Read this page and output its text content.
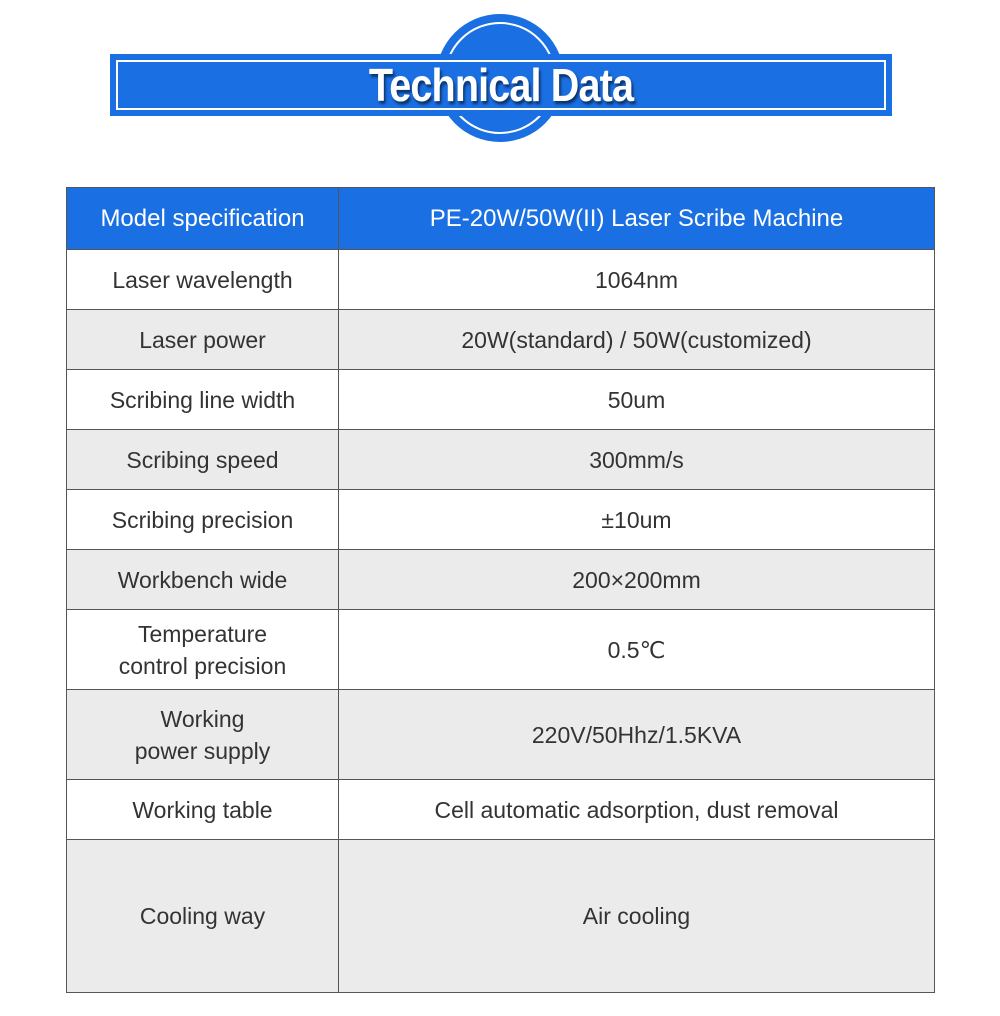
Technical Data
Model specification	PE-20W/50W(II) Laser Scribe Machine
Laser wavelength	1064nm
Laser power	20W(standard) / 50W(customized)
Scribing line width	50um
Scribing speed	300mm/s
Scribing precision	±10um
Workbench wide	200×200mm

Temperature
control precision	0.5℃

Working
power supply	220V/50Hhz/1.5KVA
Working table	Cell automatic adsorption, dust removal
Cooling way	Air cooling
